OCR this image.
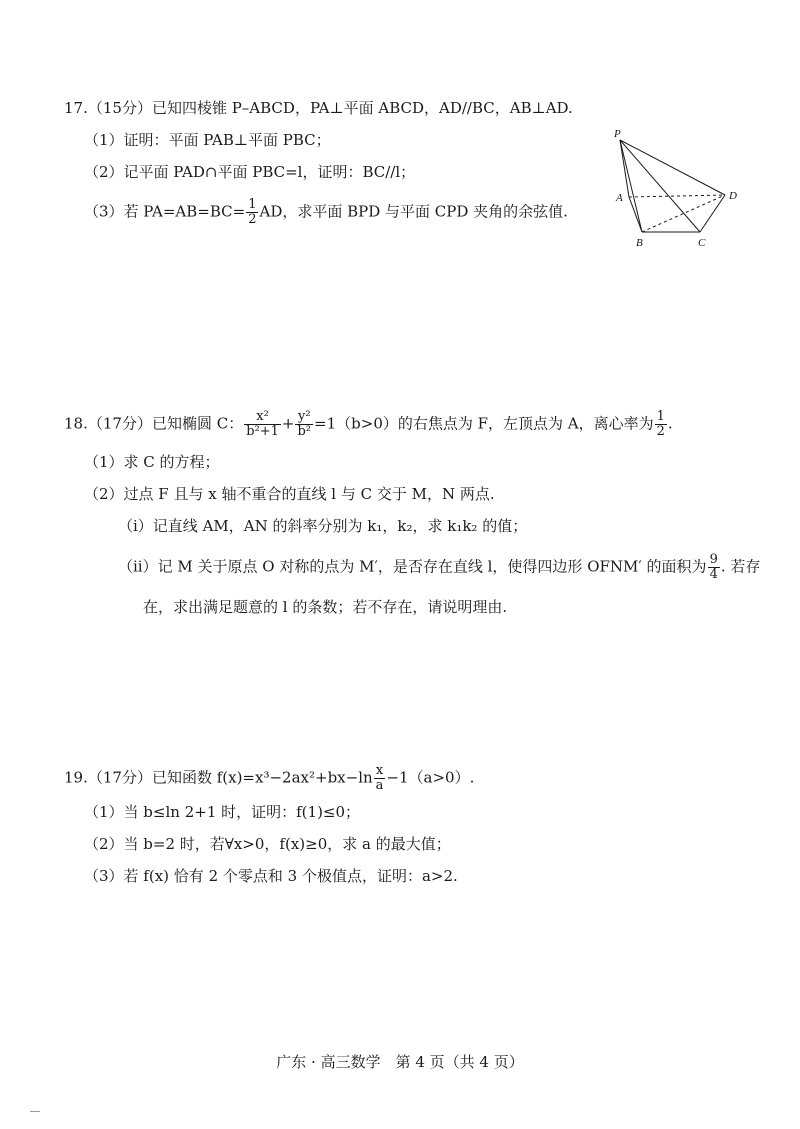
17.（15分）已知四棱锥 P–ABCD，PA⊥平面 ABCD，AD//BC，AB⊥AD.
（1）证明：平面 PAB⊥平面 PBC；
（2）记平面 PAD∩平面 PBC=l，证明：BC//l；
（3）若 $PA=AB=BC= \frac{1}{2}$ AD，求平面 BPD 与平面 CPD 夹角的余弦值.
P
A
B	C
D
18.（17分）已知椭圆 C： $\frac{\text{x²}}{\text{b²+1}} + \frac{\text{y²}}{\text{b²}} =1(b>0)$的右焦点为 F，左顶点为 A，离心率为 $\frac{1}{2}$ .
（1）求 C 的方程；
（2）过点 F 且与 x 轴不重合的直线 l 与 C 交于 M，N 两点.
（i）记直线 AM，AN 的斜率分别为 k₁，k₂，求 k₁k₂ 的值；
（ii）记 M 关于原点 O 对称的点为 M′，是否存在直线 l，使得四边形 OFNM′ 的面积为 $\frac{9}{4}$ . 若存
在，求出满足题意的 l 的条数；若不存在，请说明理由.
19.（17分）已知函数 $f(x)=x^3-2ax^2+bx-\ln \frac{x}{a} -1(a>0)$.
（1）当 b≤ln 2+1 时，证明：f(1)≤0；
（2）当 b=2 时，若∀x>0，f(x)≥0，求 a 的最大值；
（3）若 f(x) 恰有 2 个零点和 3 个极值点，证明：a>2.
广东 · 高三数学　第 4 页（共 4 页）
